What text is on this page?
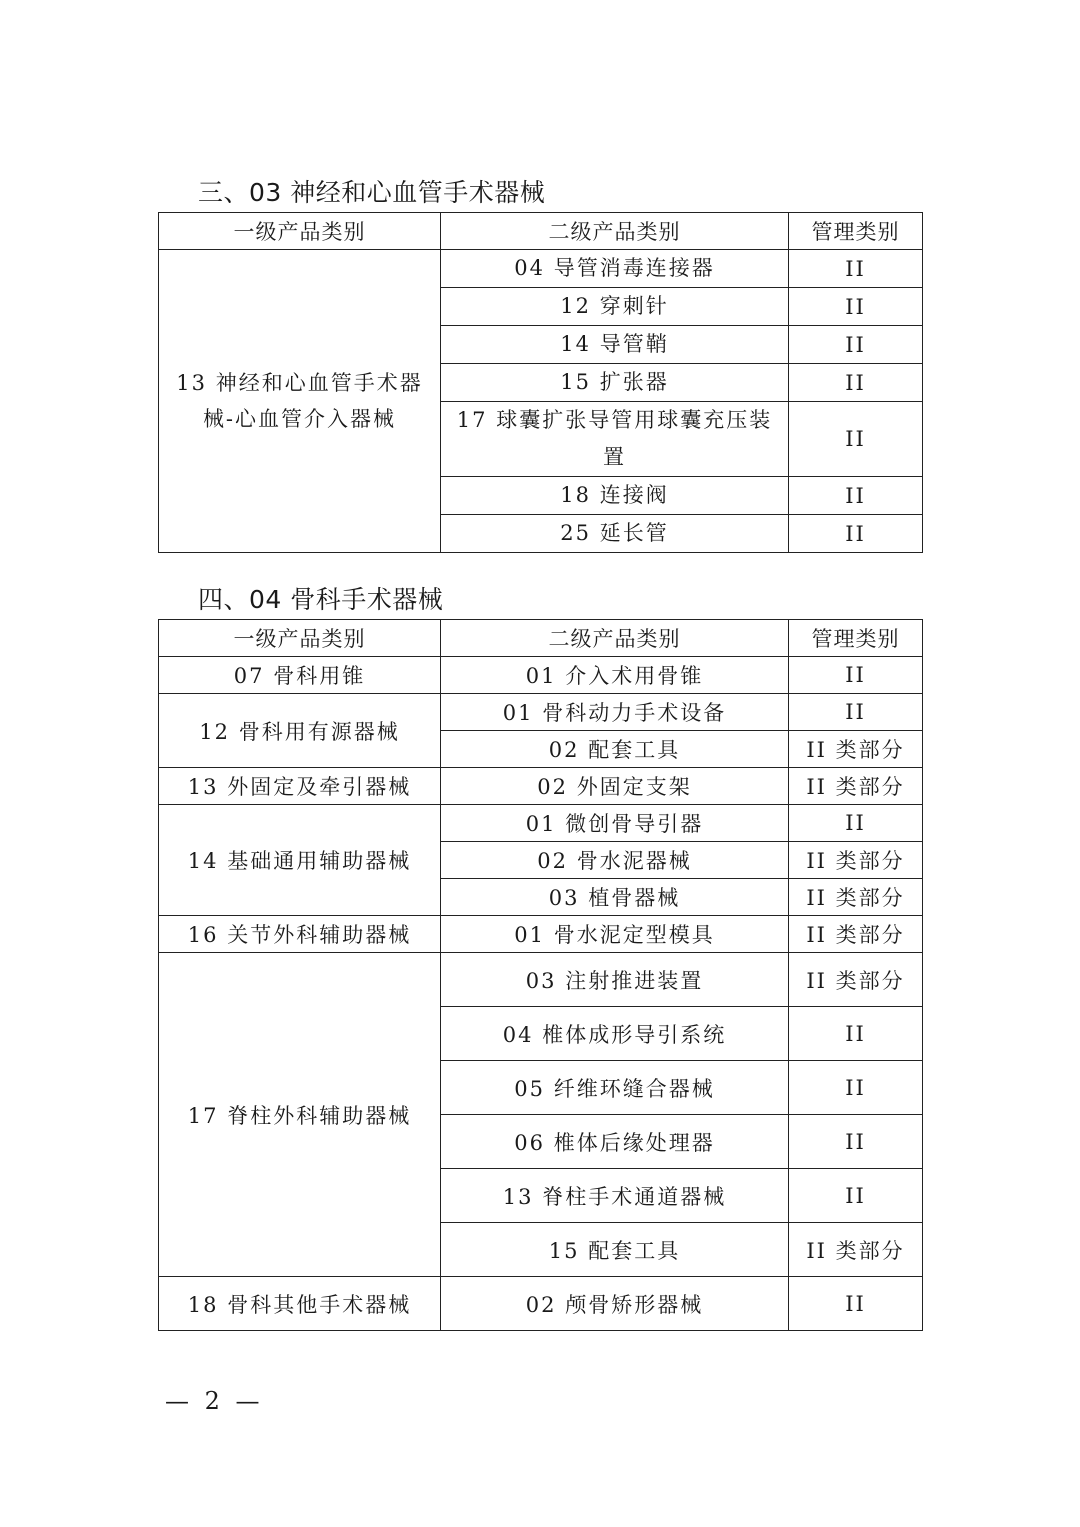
三、03 神经和心血管手术器械
一级产品类别	二级产品类别	管理类别
13 神经和心血管手术器械-心血管介入器械	04 导管消毒连接器	II
	12 穿刺针	II
	14 导管鞘	II
	15 扩张器	II
	17 球囊扩张导管用球囊充压装置	II
	18 连接阀	II
	25 延长管	II
四、04 骨科手术器械
一级产品类别	二级产品类别	管理类别
07 骨科用锥	01 介入术用骨锥	II
12 骨科用有源器械	01 骨科动力手术设备	II
	02 配套工具	II 类部分
13 外固定及牵引器械	02 外固定支架	II 类部分
14 基础通用辅助器械	01 微创骨导引器	II
	02 骨水泥器械	II 类部分
	03 植骨器械	II 类部分
16 关节外科辅助器械	01 骨水泥定型模具	II 类部分
17 脊柱外科辅助器械	03 注射推进装置	II 类部分
	04 椎体成形导引系统	II
	05 纤维环缝合器械	II
	06 椎体后缘处理器	II
	13 脊柱手术通道器械	II
	15 配套工具	II 类部分
18 骨科其他手术器械	02 颅骨矫形器械	II
— 2 —
